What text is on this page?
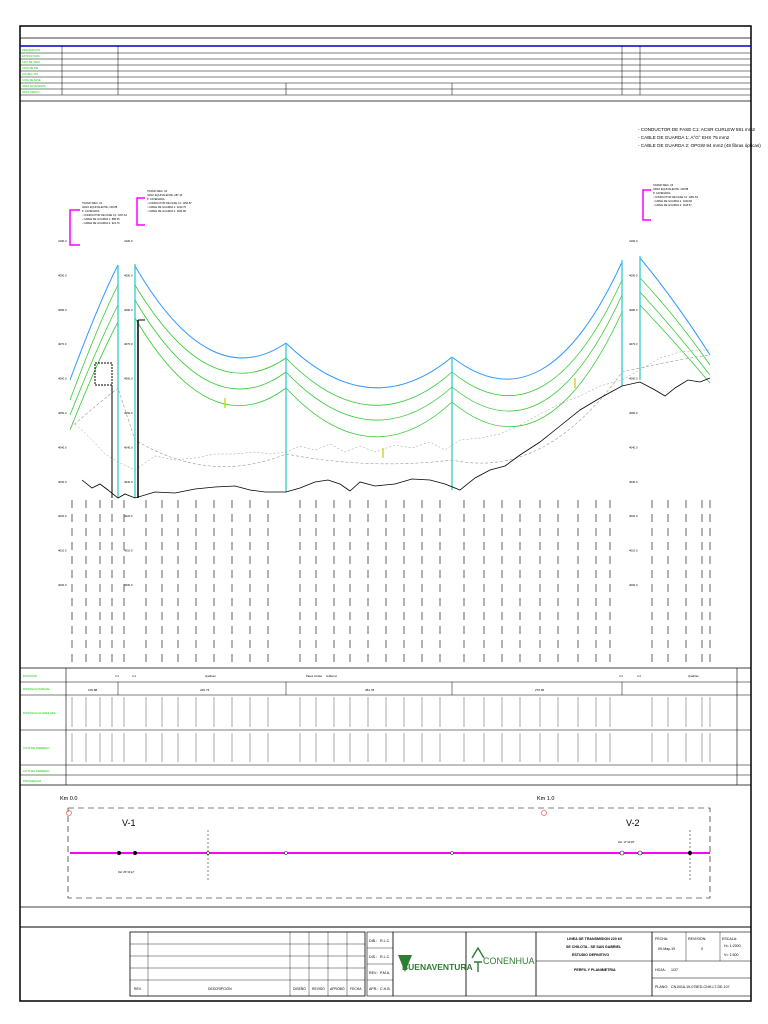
DESCRIPCION
ESTRUCTURA
TIPO DE VANO
COTA DE PIE
ALTURA UTIL
COTA DE FASE
VANO ADYACENTE
VANO VIENTO
- CONDUCTOR DE FASE C1: ACSR CURLEW 591 mm2
- CABLE DE GUARDA 1: A°G° EHS 75 mm2
- CABLE DE GUARDA 2: OPGW 94 mm2 (48 fibras ópticas)
TRAMO MEC. 01
VANO EQUIVALENTE: 109.88
P. CATENARIA
- CONDUCTOR DE FASE C1: 1037.81
- CABLE DE GUARDA 1: 880.55
- CABLE DE GUARDA 2: 924.70
TRAMO MEC. 02
VANO EQUIVALENTE: 287.10
P. CATENARIA
- CONDUCTOR DE FASE C1: 1156.87
- CABLE DE GUARDA 1: 1232.70
- CABLE DE GUARDA 2: 1184.89
TRAMO MEC. 03
VANO EQUIVALENTE: 418.88
P. CATENARIA
- CONDUCTOR DE FASE C1: 1081.53
- CABLE DE GUARDA 1: 1040.60
- CABLE DE GUARDA 2: 1118.57
4100.0
4090.0
4080.0
4070.0
4060.0
4050.0
4040.0
4030.0
4020.0
4010.0
4000.0
4100.0
4090.0
4080.0
4070.0
4060.0
4050.0
4040.0
4030.0
4020.0
4010.0
4000.0
4100.0
4090.0
4080.0
4070.0
4060.0
4050.0
4040.0
4030.0
4020.0
4010.0
4000.0
ESTACION
DISTANCIA PARCIAL
DISTANCIA ACUMULADA
COTA DE TERRENO
COTA DE TERRENO
PROGRESIVA
105.88	226.73	384.78	276.66
V-1	V-1	Qualtrare	Pasos Unidas Guillermo	V-2	V-2	Qualtrare
Km 0.0	Km 1.0
V-1	V-2
Def. 84°44'12"
Def. 17°42'18"
REV.	DESCRIPCIÓN	DISEÑÓ REVISÓ APROBÓ FECHA
DIB.: R.L.C.
DIS.: R.L.C.
REV.: P.M.A.
APR.: C.H.B.
BUENAVENTURA
CONENHUA
LINEA DE TRANSMISION 220 kV
SE CHILOTA - SE SAN GABRIEL
ESTUDIO DEFINITIVO
PERFIL Y PLANIMETRIA
FECHA:
09-May-19
REVISION:
0
ESCALA:
H= 1:2000
V= 1:500
HOJA: 1/37
PLANO: CN-BGA-19-075ED-CNH-LT-DE-107
